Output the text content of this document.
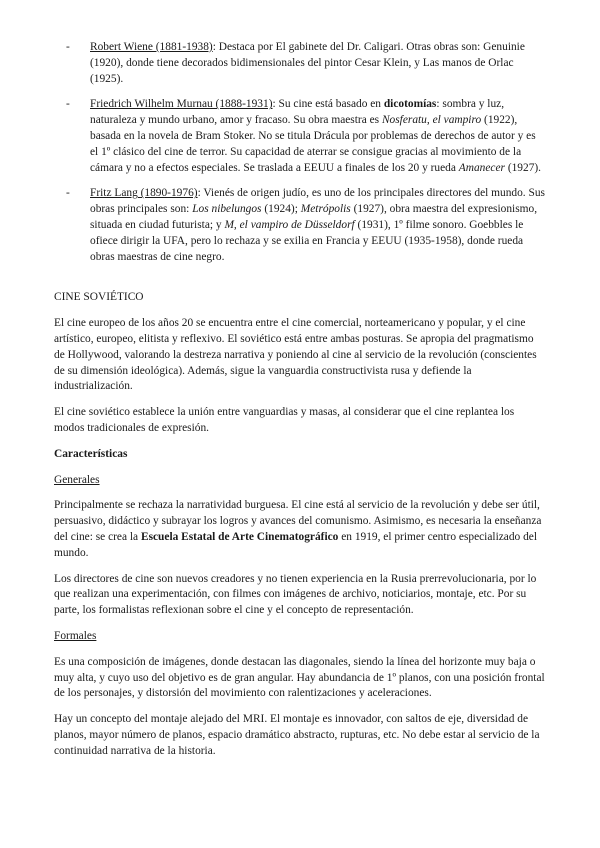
- Robert Wiene (1881-1938): Destaca por El gabinete del Dr. Caligari. Otras obras son: Genuinie (1920), donde tiene decorados bidimensionales del pintor Cesar Klein, y Las manos de Orlac (1925).
- Friedrich Wilhelm Murnau (1888-1931): Su cine está basado en dicotomías: sombra y luz, naturaleza y mundo urbano, amor y fracaso. Su obra maestra es Nosferatu, el vampiro (1922), basada en la novela de Bram Stoker. No se titula Drácula por problemas de derechos de autor y es el 1º clásico del cine de terror. Su capacidad de aterrar se consigue gracias al movimiento de la cámara y no a efectos especiales. Se traslada a EEUU a finales de los 20 y rueda Amanecer (1927).
- Fritz Lang (1890-1976): Vienés de origen judío, es uno de los principales directores del mundo. Sus obras principales son: Los nibelungos (1924); Metrópolis (1927), obra maestra del expresionismo, situada en ciudad futurista; y M, el vampiro de Düsseldorf (1931), 1º filme sonoro. Goebbles le ofiece dirigir la UFA, pero lo rechaza y se exilia en Francia y EEUU (1935-1958), donde rueda obras maestras de cine negro.
CINE SOVIÉTICO

El cine europeo de los años 20 se encuentra entre el cine comercial, norteamericano y popular, y el cine artístico, europeo, elitista y reflexivo. El soviético está entre ambas posturas. Se apropia del pragmatismo de Hollywood, valorando la destreza narrativa y poniendo al cine al servicio de la revolución (conscientes de su dimensión ideológica). Además, sigue la vanguardia constructivista rusa y defiende la industrialización.

El cine soviético establece la unión entre vanguardias y masas, al considerar que el cine replantea los modos tradicionales de expresión.

Características
Generales

Principalmente se rechaza la narratividad burguesa. El cine está al servicio de la revolución y debe ser útil, persuasivo, didáctico y subrayar los logros y avances del comunismo. Asimismo, es necesaria la enseñanza del cine: se crea la Escuela Estatal de Arte Cinematográfico en 1919, el primer centro especializado del mundo.

Los directores de cine son nuevos creadores y no tienen experiencia en la Rusia prerrevolucionaria, por lo que realizan una experimentación, con filmes con imágenes de archivo, noticiarios, montaje, etc. Por su parte, los formalistas reflexionan sobre el cine y el concepto de representación.

Formales

Es una composición de imágenes, donde destacan las diagonales, siendo la línea del horizonte muy baja o muy alta, y cuyo uso del objetivo es de gran angular. Hay abundancia de 1º planos, con una posición frontal de los personajes, y distorsión del movimiento con ralentizaciones y aceleraciones.

Hay un concepto del montaje alejado del MRI. El montaje es innovador, con saltos de eje, diversidad de planos, mayor número de planos, espacio dramático abstracto, rupturas, etc. No debe estar al servicio de la continuidad narrativa de la historia.
